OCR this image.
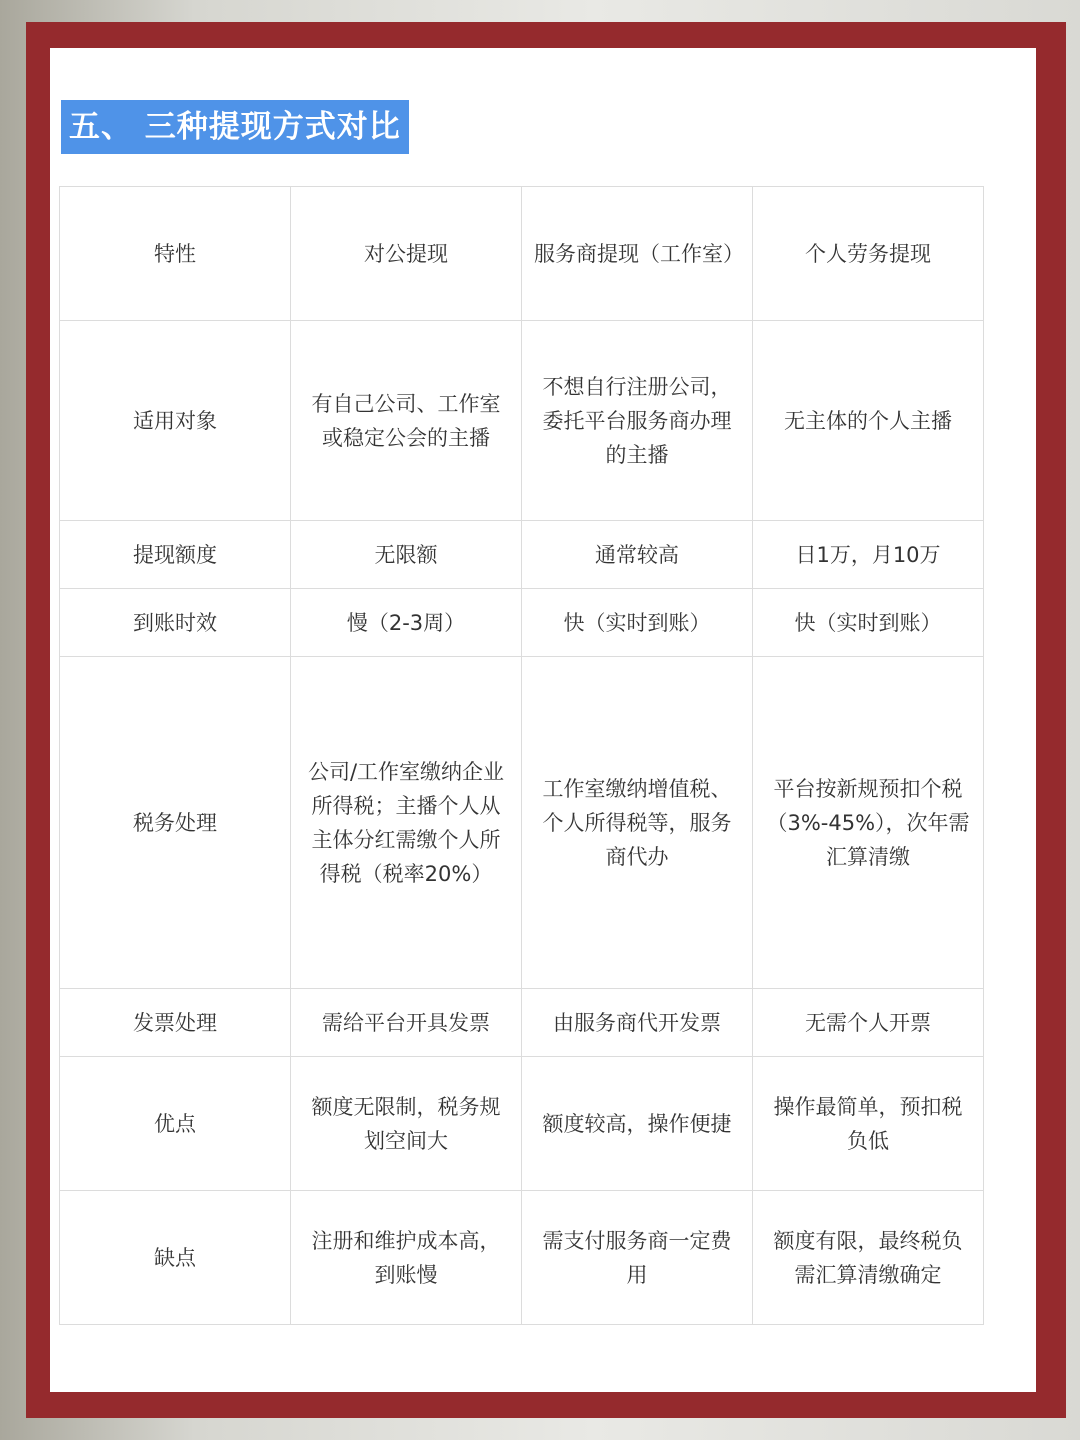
五、 三种提现方式对比
特性	对公提现	服务商提现（工作室）	个人劳务提现
适用对象	有自己公司、工作室或稳定公会的主播	不想自行注册公司，委托平台服务商办理的主播	无主体的个人主播
提现额度	无限额	通常较高	日1万，月10万
到账时效	慢（2-3周）	快（实时到账）	快（实时到账）
税务处理	公司/工作室缴纳企业所得税；主播个人从主体分红需缴个人所得税（税率20%）	工作室缴纳增值税、个人所得税等，服务商代办	平台按新规预扣个税（3%-45%），次年需汇算清缴
发票处理	需给平台开具发票	由服务商代开发票	无需个人开票
优点	额度无限制，税务规划空间大	额度较高，操作便捷	操作最简单，预扣税负低
缺点	注册和维护成本高，到账慢	需支付服务商一定费用	额度有限，最终税负需汇算清缴确定
